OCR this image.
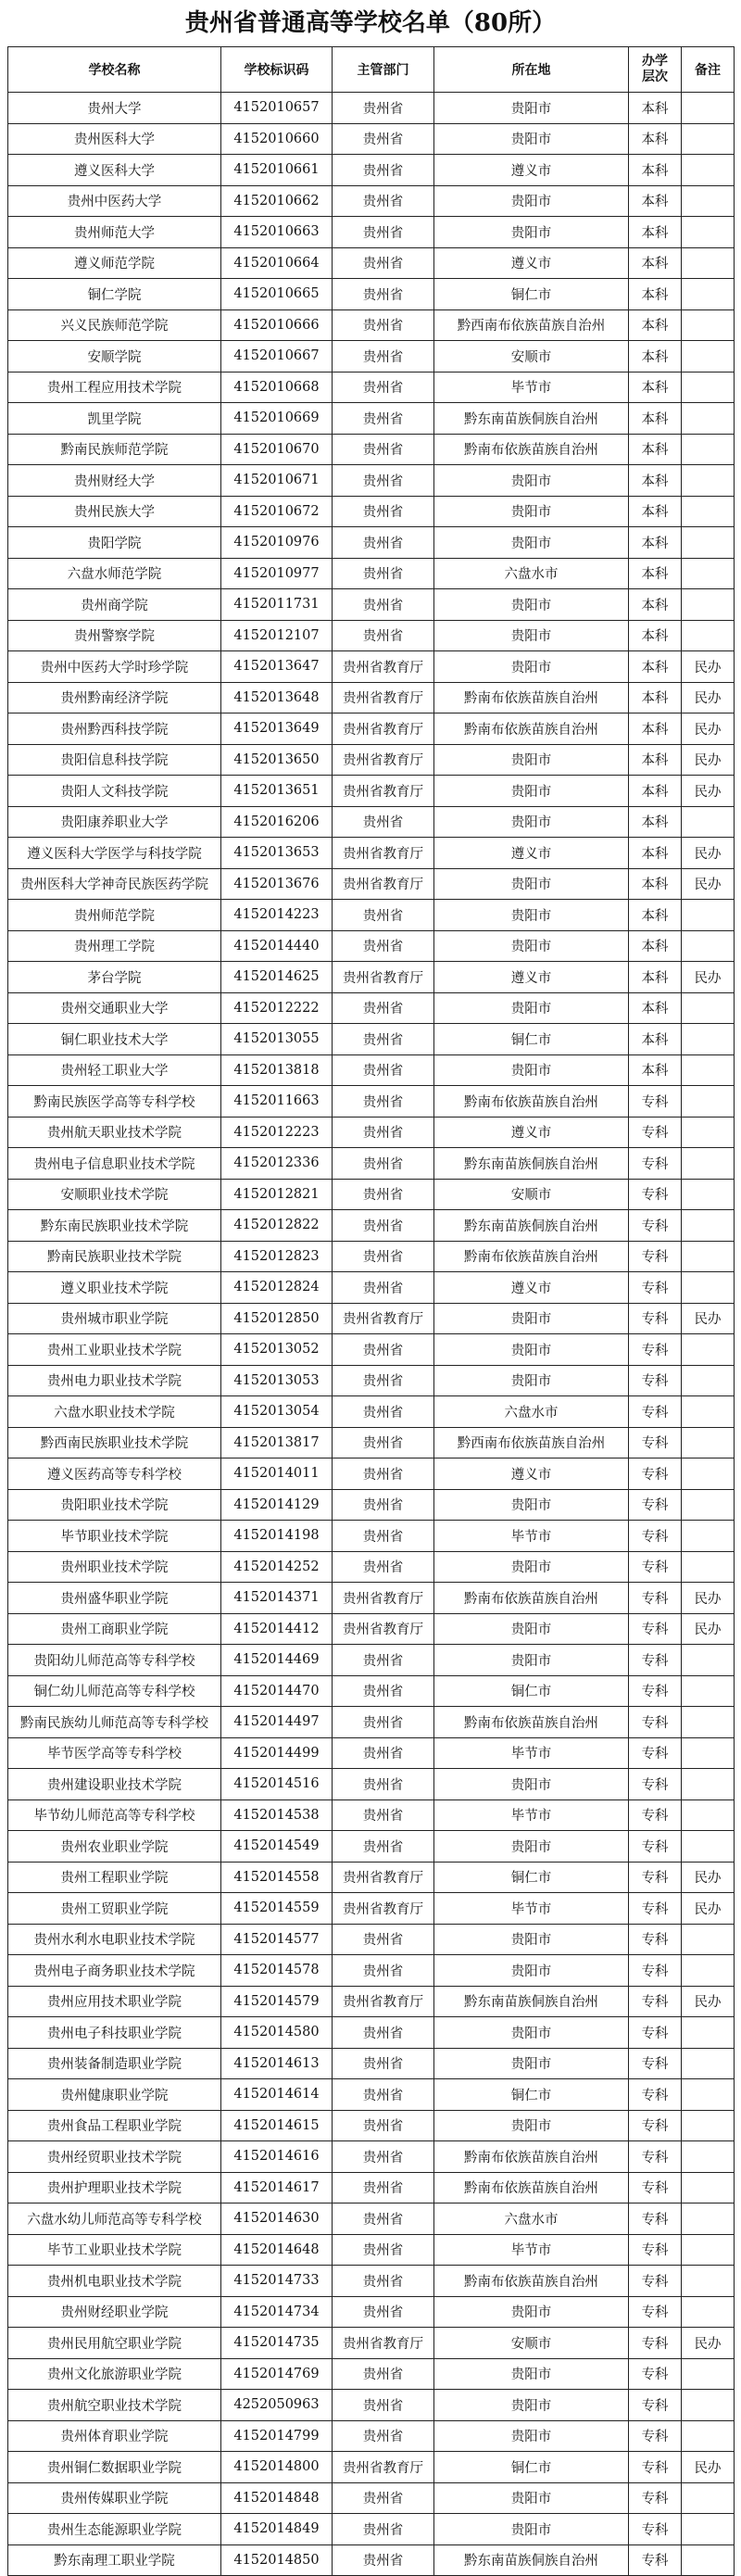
贵州省普通高等学校名单（80所）
学校名称	学校标识码	主管部门	所在地	办学层次	备注
贵州大学	4152010657	贵州省	贵阳市	本科	
贵州医科大学	4152010660	贵州省	贵阳市	本科	
遵义医科大学	4152010661	贵州省	遵义市	本科	
贵州中医药大学	4152010662	贵州省	贵阳市	本科	
贵州师范大学	4152010663	贵州省	贵阳市	本科	
遵义师范学院	4152010664	贵州省	遵义市	本科	
铜仁学院	4152010665	贵州省	铜仁市	本科	
兴义民族师范学院	4152010666	贵州省	黔西南布依族苗族自治州	本科	
安顺学院	4152010667	贵州省	安顺市	本科	
贵州工程应用技术学院	4152010668	贵州省	毕节市	本科	
凯里学院	4152010669	贵州省	黔东南苗族侗族自治州	本科	
黔南民族师范学院	4152010670	贵州省	黔南布依族苗族自治州	本科	
贵州财经大学	4152010671	贵州省	贵阳市	本科	
贵州民族大学	4152010672	贵州省	贵阳市	本科	
贵阳学院	4152010976	贵州省	贵阳市	本科	
六盘水师范学院	4152010977	贵州省	六盘水市	本科	
贵州商学院	4152011731	贵州省	贵阳市	本科	
贵州警察学院	4152012107	贵州省	贵阳市	本科	
贵州中医药大学时珍学院	4152013647	贵州省教育厅	贵阳市	本科	民办
贵州黔南经济学院	4152013648	贵州省教育厅	黔南布依族苗族自治州	本科	民办
贵州黔西科技学院	4152013649	贵州省教育厅	黔南布依族苗族自治州	本科	民办
贵阳信息科技学院	4152013650	贵州省教育厅	贵阳市	本科	民办
贵阳人文科技学院	4152013651	贵州省教育厅	贵阳市	本科	民办
贵阳康养职业大学	4152016206	贵州省	贵阳市	本科	
遵义医科大学医学与科技学院	4152013653	贵州省教育厅	遵义市	本科	民办
贵州医科大学神奇民族医药学院	4152013676	贵州省教育厅	贵阳市	本科	民办
贵州师范学院	4152014223	贵州省	贵阳市	本科	
贵州理工学院	4152014440	贵州省	贵阳市	本科	
茅台学院	4152014625	贵州省教育厅	遵义市	本科	民办
贵州交通职业大学	4152012222	贵州省	贵阳市	本科	
铜仁职业技术大学	4152013055	贵州省	铜仁市	本科	
贵州轻工职业大学	4152013818	贵州省	贵阳市	本科	
黔南民族医学高等专科学校	4152011663	贵州省	黔南布依族苗族自治州	专科	
贵州航天职业技术学院	4152012223	贵州省	遵义市	专科	
贵州电子信息职业技术学院	4152012336	贵州省	黔东南苗族侗族自治州	专科	
安顺职业技术学院	4152012821	贵州省	安顺市	专科	
黔东南民族职业技术学院	4152012822	贵州省	黔东南苗族侗族自治州	专科	
黔南民族职业技术学院	4152012823	贵州省	黔南布依族苗族自治州	专科	
遵义职业技术学院	4152012824	贵州省	遵义市	专科	
贵州城市职业学院	4152012850	贵州省教育厅	贵阳市	专科	民办
贵州工业职业技术学院	4152013052	贵州省	贵阳市	专科	
贵州电力职业技术学院	4152013053	贵州省	贵阳市	专科	
六盘水职业技术学院	4152013054	贵州省	六盘水市	专科	
黔西南民族职业技术学院	4152013817	贵州省	黔西南布依族苗族自治州	专科	
遵义医药高等专科学校	4152014011	贵州省	遵义市	专科	
贵阳职业技术学院	4152014129	贵州省	贵阳市	专科	
毕节职业技术学院	4152014198	贵州省	毕节市	专科	
贵州职业技术学院	4152014252	贵州省	贵阳市	专科	
贵州盛华职业学院	4152014371	贵州省教育厅	黔南布依族苗族自治州	专科	民办
贵州工商职业学院	4152014412	贵州省教育厅	贵阳市	专科	民办
贵阳幼儿师范高等专科学校	4152014469	贵州省	贵阳市	专科	
铜仁幼儿师范高等专科学校	4152014470	贵州省	铜仁市	专科	
黔南民族幼儿师范高等专科学校	4152014497	贵州省	黔南布依族苗族自治州	专科	
毕节医学高等专科学校	4152014499	贵州省	毕节市	专科	
贵州建设职业技术学院	4152014516	贵州省	贵阳市	专科	
毕节幼儿师范高等专科学校	4152014538	贵州省	毕节市	专科	
贵州农业职业学院	4152014549	贵州省	贵阳市	专科	
贵州工程职业学院	4152014558	贵州省教育厅	铜仁市	专科	民办
贵州工贸职业学院	4152014559	贵州省教育厅	毕节市	专科	民办
贵州水利水电职业技术学院	4152014577	贵州省	贵阳市	专科	
贵州电子商务职业技术学院	4152014578	贵州省	贵阳市	专科	
贵州应用技术职业学院	4152014579	贵州省教育厅	黔东南苗族侗族自治州	专科	民办
贵州电子科技职业学院	4152014580	贵州省	贵阳市	专科	
贵州装备制造职业学院	4152014613	贵州省	贵阳市	专科	
贵州健康职业学院	4152014614	贵州省	铜仁市	专科	
贵州食品工程职业学院	4152014615	贵州省	贵阳市	专科	
贵州经贸职业技术学院	4152014616	贵州省	黔南布依族苗族自治州	专科	
贵州护理职业技术学院	4152014617	贵州省	黔南布依族苗族自治州	专科	
六盘水幼儿师范高等专科学校	4152014630	贵州省	六盘水市	专科	
毕节工业职业技术学院	4152014648	贵州省	毕节市	专科	
贵州机电职业技术学院	4152014733	贵州省	黔南布依族苗族自治州	专科	
贵州财经职业学院	4152014734	贵州省	贵阳市	专科	
贵州民用航空职业学院	4152014735	贵州省教育厅	安顺市	专科	民办
贵州文化旅游职业学院	4152014769	贵州省	贵阳市	专科	
贵州航空职业技术学院	4252050963	贵州省	贵阳市	专科	
贵州体育职业学院	4152014799	贵州省	贵阳市	专科	
贵州铜仁数据职业学院	4152014800	贵州省教育厅	铜仁市	专科	民办
贵州传媒职业学院	4152014848	贵州省	贵阳市	专科	
贵州生态能源职业学院	4152014849	贵州省	贵阳市	专科	
黔东南理工职业学院	4152014850	贵州省	黔东南苗族侗族自治州	专科	
